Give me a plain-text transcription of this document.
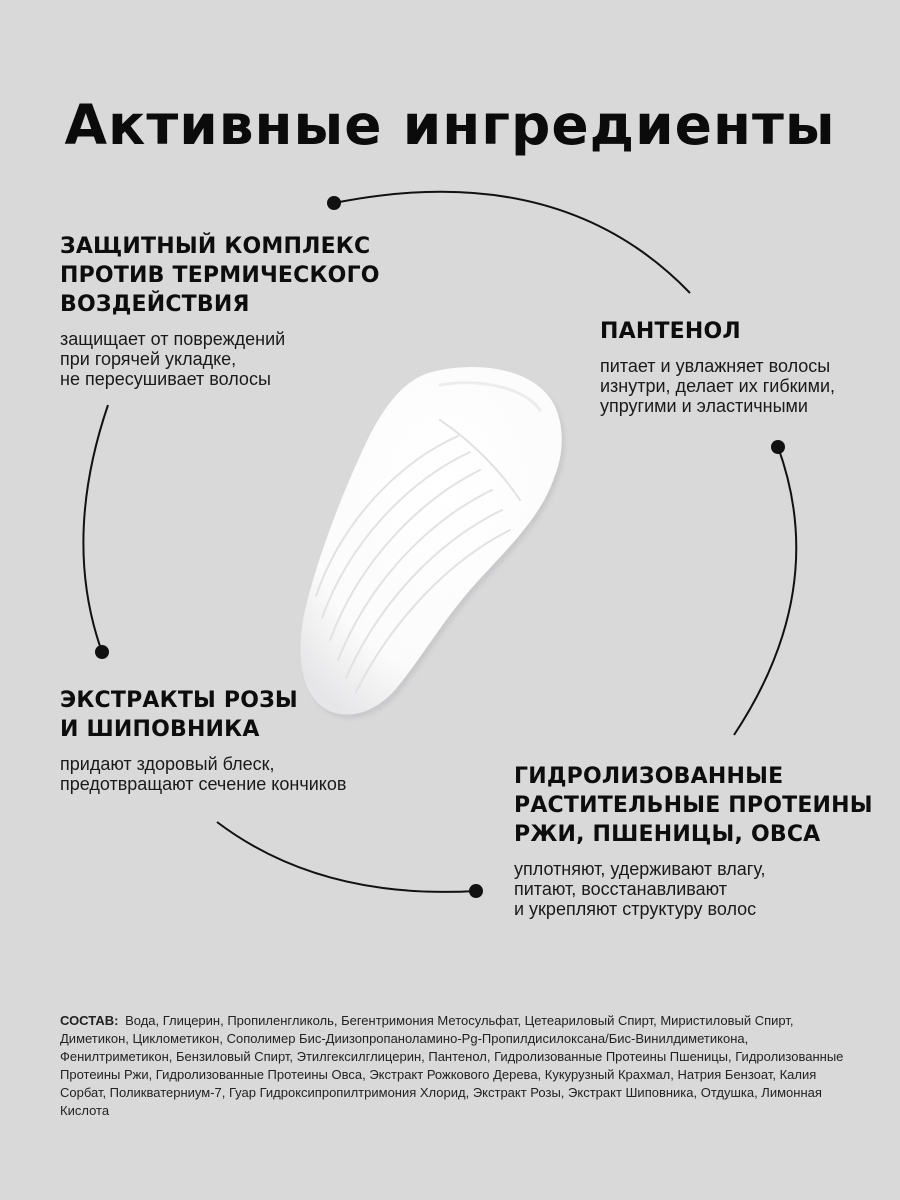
Активные ингредиенты

ЗАЩИТНЫЙ КОМПЛЕКС
ПРОТИВ ТЕРМИЧЕСКОГО
ВОЗДЕЙСТВИЯ

защищает от повреждений
при горячей укладке,
не пересушивает волосы

ПАНТЕНОЛ

питает и увлажняет волосы
изнутри, делает их гибкими,
упругими и эластичными

ЭКСТРАКТЫ РОЗЫ
И ШИПОВНИКА

придают здоровый блеск,
предотвращают сечение кончиков	ГИДРОЛИЗОВАННЫЕ
РАСТИТЕЛЬНЫЕ ПРОТЕИНЫ
РЖИ, ПШЕНИЦЫ, ОВСА

уплотняют, удерживают влагу,
питают, восстанавливают
и укрепляют структуру волос

СОСТАВ: Вода, Глицерин, Пропиленгликоль, Бегентримония Метосульфат, Цетеариловый Спирт, Миристиловый Спирт, Диметикон, Циклометикон, Сополимер Бис-Диизопропаноламино-Pg-Пропилдисилоксана/Бис-Винилдиметикона, Фенилтриметикон, Бензиловый Спирт, Этилгексилглицерин, Пантенол, Гидролизованные Протеины Пшеницы, Гидролизованные Протеины Ржи, Гидролизованные Протеины Овса, Экстракт Рожкового Дерева, Кукурузный Крахмал, Натрия Бензоат, Калия Сорбат, Поликватерниум-7, Гуар Гидроксипропилтримония Хлорид, Экстракт Розы, Экстракт Шиповника, Отдушка, Лимонная Кислота
